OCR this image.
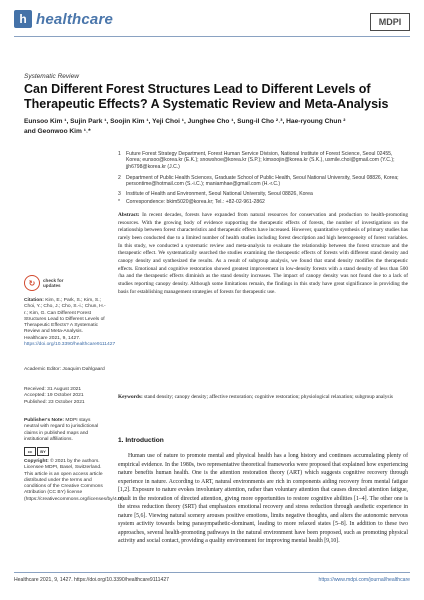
h healthcare	MDPI
Systematic Review
Can Different Forest Structures Lead to Different Levels of Therapeutic Effects? A Systematic Review and Meta-Analysis
Eunsoo Kim ¹, Sujin Park ¹, Soojin Kim ¹, Yeji Choi ¹, Junghee Cho ¹, Sung-il Cho ²˒³, Hae-ryoung Chun ²
and Geonwoo Kim ¹˒*
1 Future Forest Strategy Department, Forest Human Service Division, National Institute of Forest Science, Seoul 02455, Korea; eunsoo@korea.kr (E.K.); snowshoe@korea.kr (S.P.); kimsoojin@korea.kr (S.K.), usmile.choi@gmail.com (Y.C.); jjh6798@korea.kr (J.C.)
2 Department of Public Health Sciences, Graduate School of Public Health, Seoul National University, Seoul 08826, Korea; persontime@hotmail.com (S.-i.C.); maniamhae@gmail.com (H.-r.C.)
3 Institute of Health and Environment, Seoul National University, Seoul 08826, Korea
* Correspondence: bkim5020@korea.kr; Tel.: +82-02-961-2862

Abstract: In recent decades, forests have expanded from natural resources for conservation and production to health-promoting resources. With the growing body of evidence supporting the therapeutic effects of forests, the number of investigations on the relationship between forest characteristics and therapeutic effects have increased. However, quantitative synthesis of primary studies has rarely been conducted due to a limited number of health studies including forest description and high heterogeneity of forest variables. In this study, we conducted a systematic review and meta-analysis to evaluate the relationship between the forest structure and the therapeutic effect. We systematically searched the studies examining the therapeutic effects of forests with different stand density and canopy density and synthesized the results. As a result of subgroup analysis, we found that stand density modifies the therapeutic effects. Emotional and cognitive restoration showed greatest improvement in low-density forests with a stand density of less than 500 /ha and the therapeutic effects diminish as the stand density increases. The impact of canopy density was not found due to a lack of studies reporting canopy density. Although some limitations remain, the findings in this study have great significance in providing the basis for establishing management strategies of forests for therapeutic use.

Keywords: stand density; canopy density; affective restoration; cognitive restoration; physiological relaxation; subgroup analysis

↻	check for
updates
Citation: Kim, E.; Park, S.; Kim, S.; Choi, Y.; Cho, J.; Cho, S.-i.; Chun, H.-r.; Kim, G. Can Different Forest Structures Lead to Different Levels of Therapeutic Effects? A Systematic Review and Meta-Analysis. Healthcare 2021, 9, 1427. https://doi.org/10.3390/healthcare9111427
Academic Editor: Joaquim Dahlgaard
Received: 31 August 2021
Accepted: 19 October 2021
Published: 23 October 2021
Publisher's Note: MDPI stays neutral with regard to jurisdictional claims in published maps and institutional affiliations.
cc	BY
Copyright: © 2021 by the authors. Licensee MDPI, Basel, Switzerland. This article is an open access article distributed under the terms and conditions of the Creative Commons Attribution (CC BY) license (https://creativecommons.org/licenses/by/4.0/).
1. Introduction

Human use of nature to promote mental and physical health has a long history and continues accumulating plenty of empirical evidence. In the 1980s, two representative theoretical frameworks were proposed that explained how experiencing nature benefits human health. One is the attention restoration theory (ART) which suggests cognitive recovery through experience in nature. According to ART, natural environments are rich in components aiding recovery from mental fatigue [1,2]. Exposure to nature evokes involuntary attention, rather than voluntary attention that causes directed attention fatigue, result in the restoration of directed attention, giving more opportunities to restore cognitive abilities [1–4]. The other one is the stress reduction theory (SRT) that emphasizes emotional recovery and stress reduction through aesthetic experience in nature [5,6]. Viewing natural scenery arouses positive emotions, limits negative thoughts, and alters the autonomic nervous system activity towards being parasympathetic-dominant, leading to more relaxed states [5–8]. In addition to these two approaches, several health-promoting pathways in the natural environment have been proposed, such as promoting physical activity and social contact, providing a quality environment for improving mental health [9,10].

Healthcare 2021, 9, 1427. https://doi.org/10.3390/healthcare9111427	https://www.mdpi.com/journal/healthcare
